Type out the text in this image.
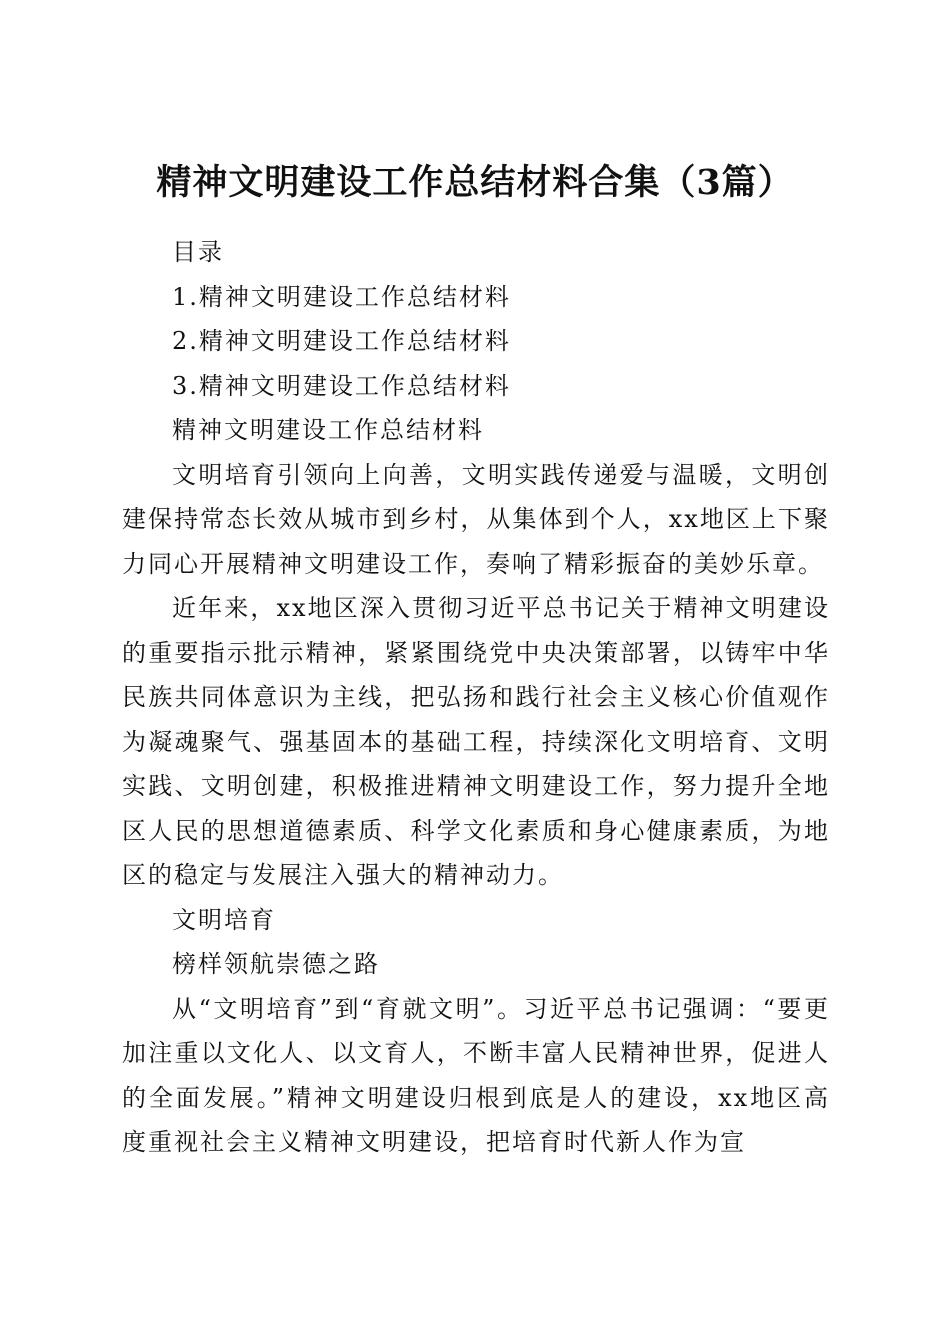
精神文明建设工作总结材料合集（3篇）

目录

1.精神文明建设工作总结材料

2.精神文明建设工作总结材料

3.精神文明建设工作总结材料

精神文明建设工作总结材料

文明培育引领向上向善，文明实践传递爱与温暖，文明创建保持常态长效从城市到乡村，从集体到个人，xx地区上下聚力同心开展精神文明建设工作，奏响了精彩振奋的美妙乐章。

近年来，xx地区深入贯彻习近平总书记关于精神文明建设的重要指示批示精神，紧紧围绕党中央决策部署，以铸牢中华民族共同体意识为主线，把弘扬和践行社会主义核心价值观作为凝魂聚气、强基固本的基础工程，持续深化文明培育、文明实践、文明创建，积极推进精神文明建设工作，努力提升全地区人民的思想道德素质、科学文化素质和身心健康素质，为地区的稳定与发展注入强大的精神动力。

文明培育

榜样领航崇德之路

从“文明培育”到“育就文明”。习近平总书记强调：“要更加注重以文化人、以文育人，不断丰富人民精神世界，促进人的全面发展。”精神文明建设归根到底是人的建设，xx地区高度重视社会主义精神文明建设，把培育时代新人作为宣
